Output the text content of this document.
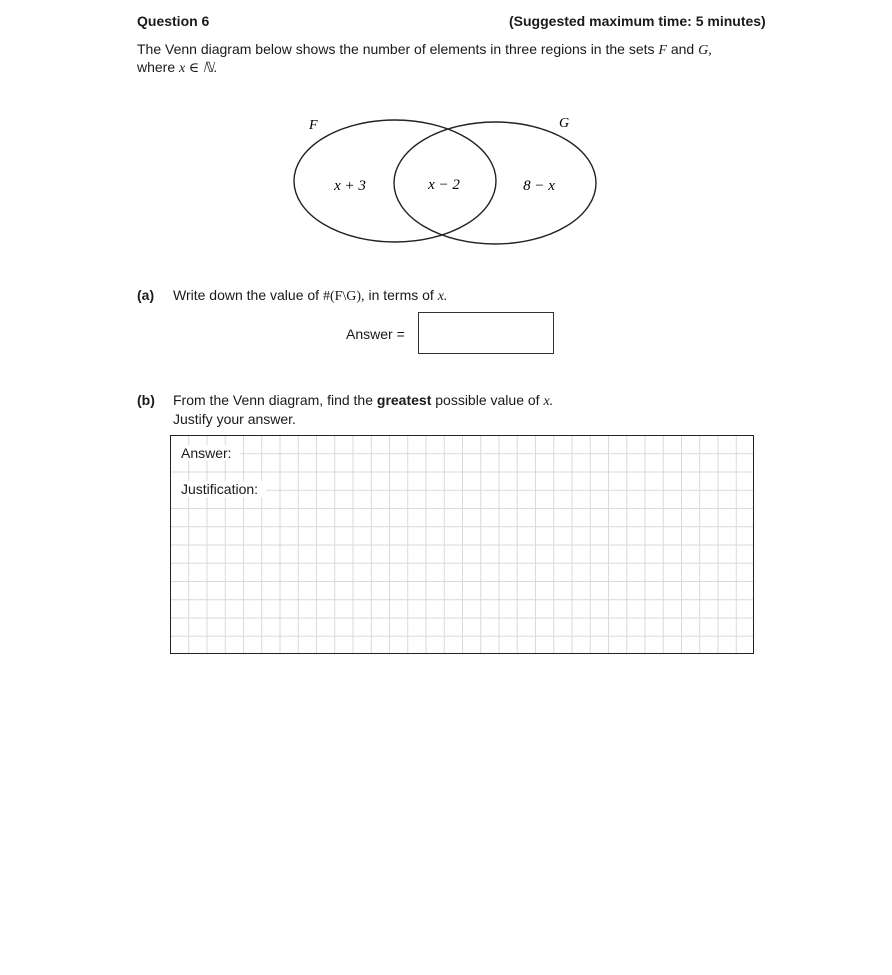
Question 6	(Suggested maximum time: 5 minutes)
The Venn diagram below shows the number of elements in three regions in the sets F and G,
where x ∈ ℕ.
F	G
x + 3	x − 2	8 − x
(a) Write down the value of #(F\G), in terms of x.
Answer =
(b) From the Venn diagram, find the greatest possible value of x.
Justify your answer.
Answer:
Justification:
